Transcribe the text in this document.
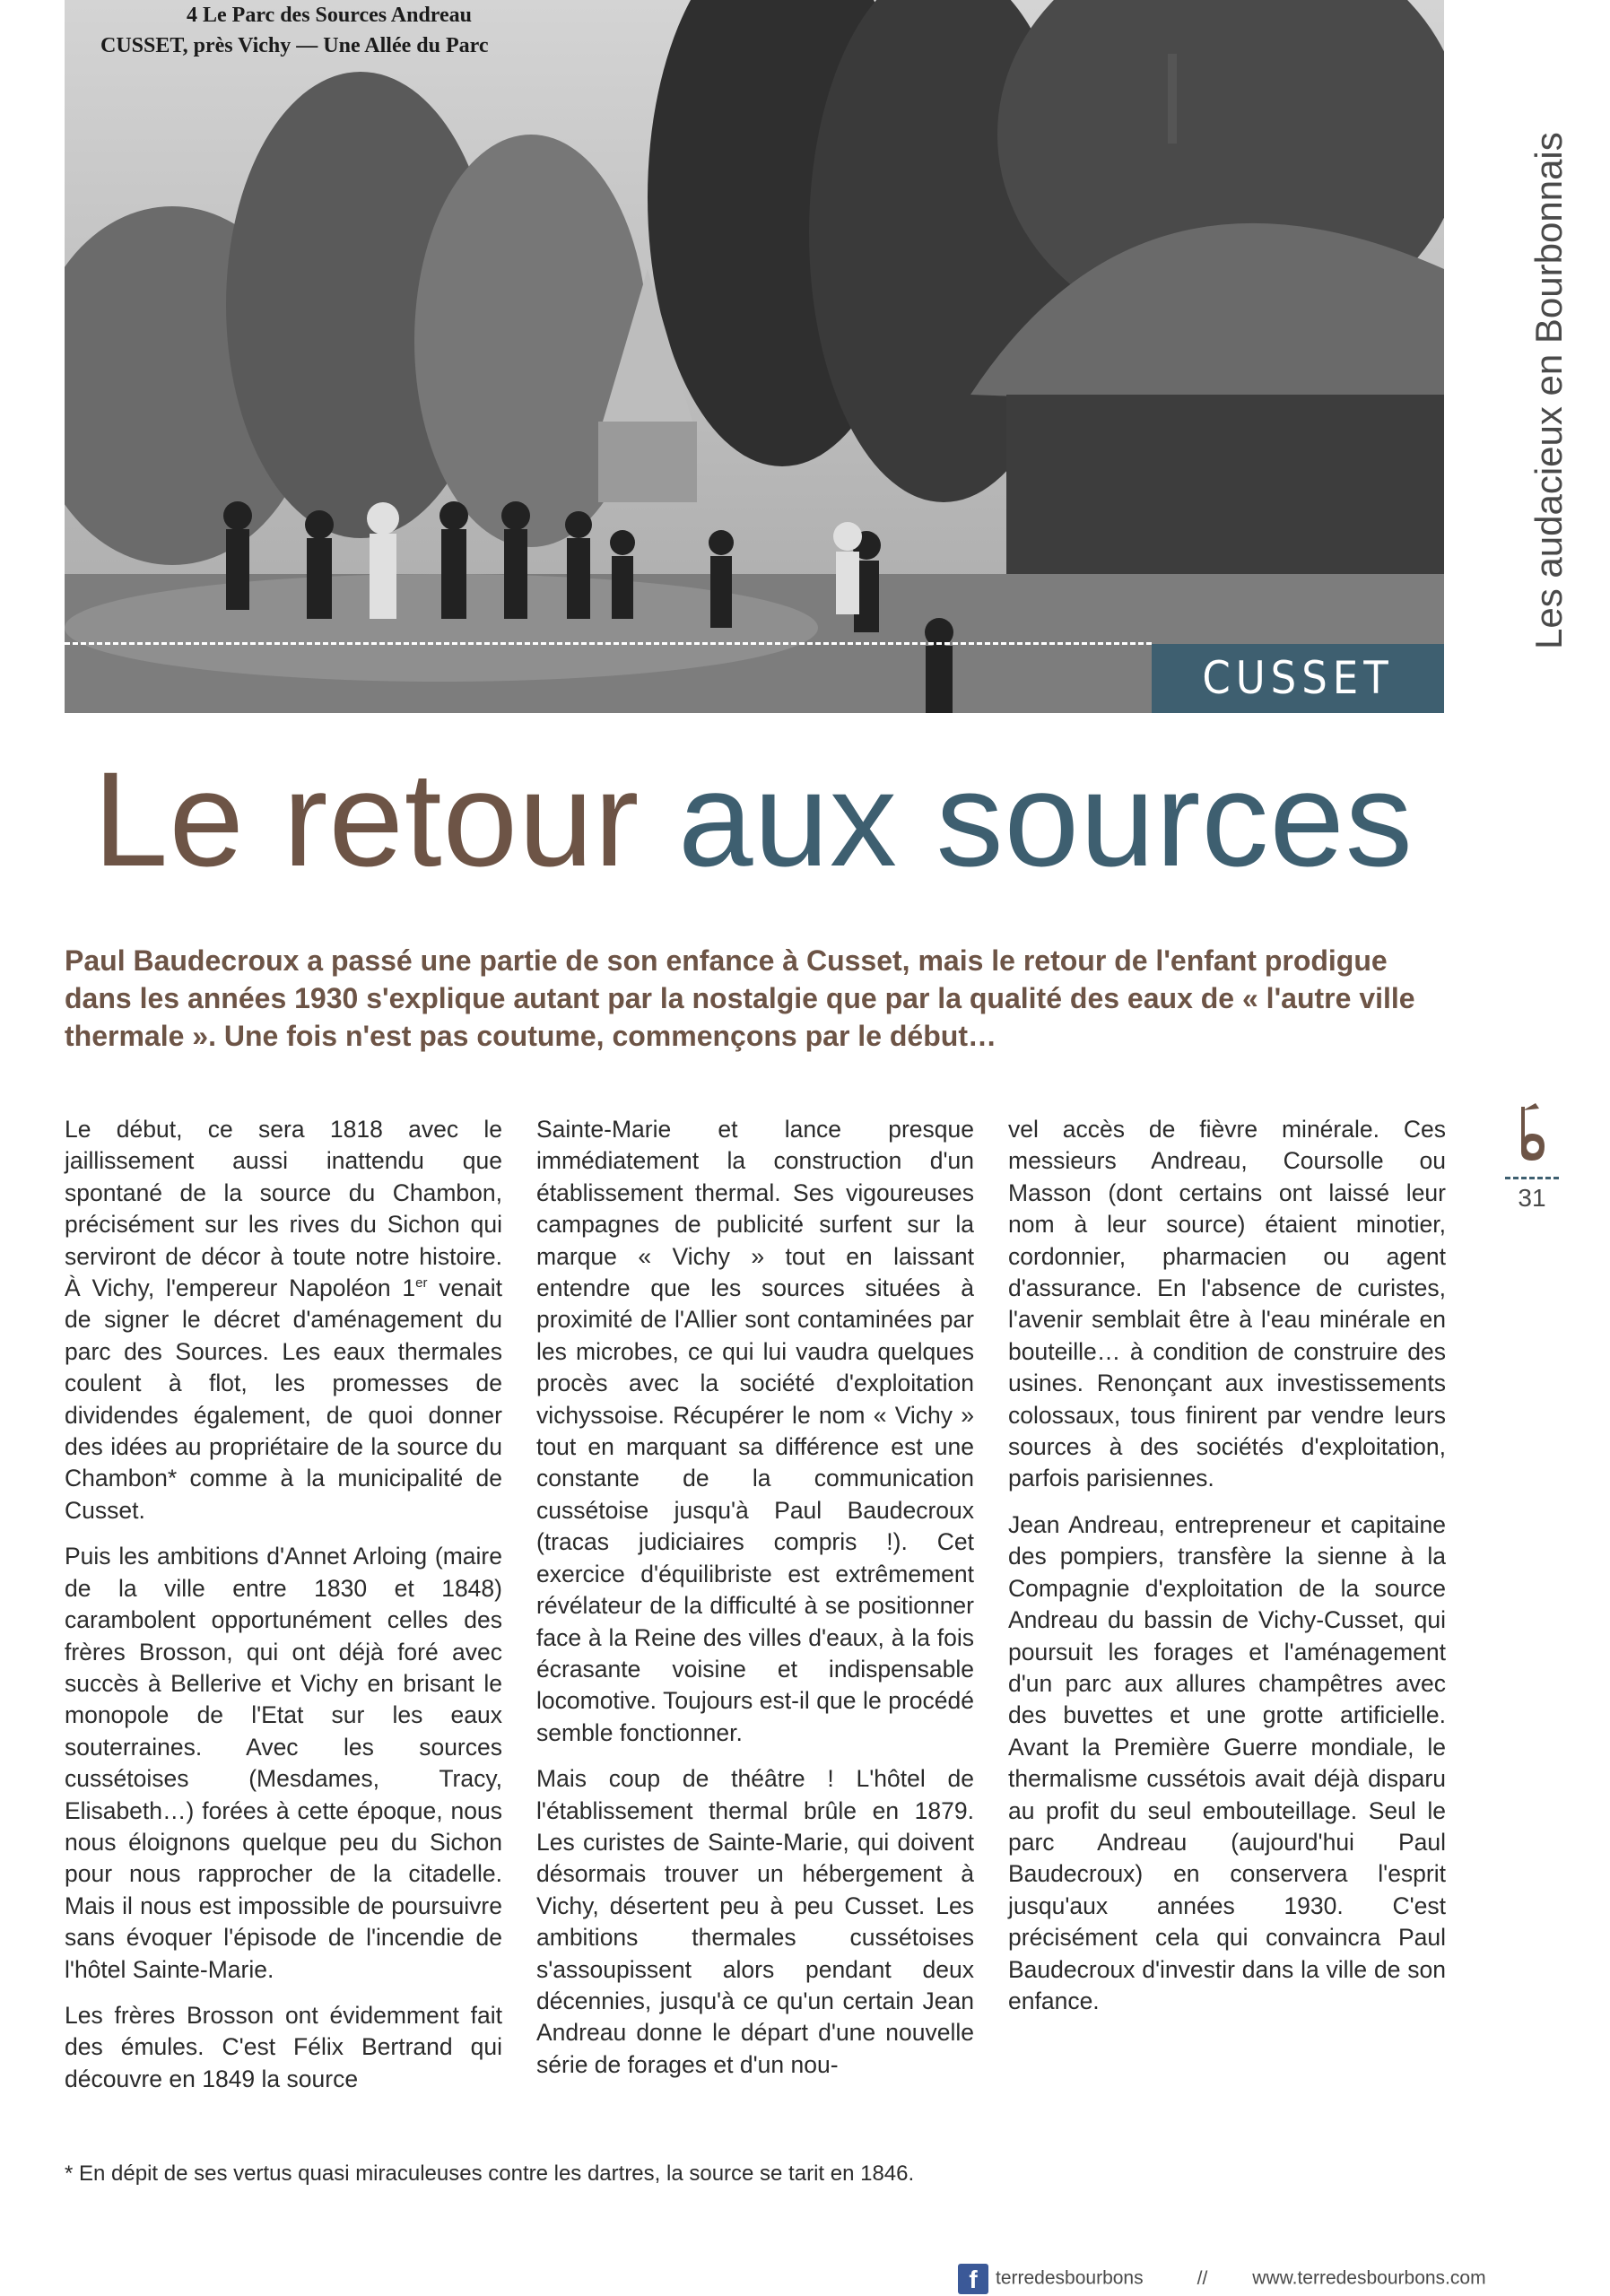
4 Le Parc des Sources Andreau
CUSSET, près Vichy — Une Allée du Parc
CUSSET
Les audacieux en Bourbonnais
31
Le retour aux sources
Paul Baudecroux a passé une partie de son enfance à Cusset, mais le retour de l'enfant prodigue dans les années 1930 s'explique autant par la nostalgie que par la qualité des eaux de « l'autre ville thermale ». Une fois n'est pas coutume, commençons par le début…

Le début, ce sera 1818 avec le jaillissement aussi inattendu que spontané de la source du Chambon, précisément sur les rives du Sichon qui serviront de décor à toute notre histoire. À Vichy, l'empereur Napoléon 1er venait de signer le décret d'aménagement du parc des Sources. Les eaux thermales coulent à flot, les promesses de dividendes également, de quoi donner des idées au propriétaire de la source du Chambon* comme à la municipalité de Cusset.

Puis les ambitions d'Annet Arloing (maire de la ville entre 1830 et 1848) carambolent opportunément celles des frères Brosson, qui ont déjà foré avec succès à Bellerive et Vichy en brisant le monopole de l'Etat sur les eaux souterraines. Avec les sources cussétoises (Mesdames, Tracy, Elisabeth…) forées à cette époque, nous nous éloignons quelque peu du Sichon pour nous rapprocher de la citadelle. Mais il nous est impossible de poursuivre sans évoquer l'épisode de l'incendie de l'hôtel Sainte-Marie.

Les frères Brosson ont évidemment fait des émules. C'est Félix Bertrand qui découvre en 1849 la source

Sainte-Marie et lance presque immédiatement la construction d'un établissement thermal. Ses vigoureuses campagnes de publicité surfent sur la marque « Vichy » tout en laissant entendre que les sources situées à proximité de l'Allier sont contaminées par les microbes, ce qui lui vaudra quelques procès avec la société d'exploitation vichyssoise. Récupérer le nom « Vichy » tout en marquant sa différence est une constante de la communication cussétoise jusqu'à Paul Baudecroux (tracas judiciaires compris !). Cet exercice d'équilibriste est extrêmement révélateur de la difficulté à se positionner face à la Reine des villes d'eaux, à la fois écrasante voisine et indispensable locomotive. Toujours est-il que le procédé semble fonctionner.

Mais coup de théâtre ! L'hôtel de l'établissement thermal brûle en 1879. Les curistes de Sainte-Marie, qui doivent désormais trouver un hébergement à Vichy, désertent peu à peu Cusset. Les ambitions thermales cussétoises s'assoupissent alors pendant deux décennies, jusqu'à ce qu'un certain Jean Andreau donne le départ d'une nouvelle série de forages et d'un nou-

vel accès de fièvre minérale. Ces messieurs Andreau, Coursolle ou Masson (dont certains ont laissé leur nom à leur source) étaient minotier, cordonnier, pharmacien ou agent d'assurance. En l'absence de curistes, l'avenir semblait être à l'eau minérale en bouteille… à condition de construire des usines. Renonçant aux investissements colossaux, tous finirent par vendre leurs sources à des sociétés d'exploitation, parfois parisiennes.

Jean Andreau, entrepreneur et capitaine des pompiers, transfère la sienne à la Compagnie d'exploitation de la source Andreau du bassin de Vichy-Cusset, qui poursuit les forages et l'aménagement d'un parc aux allures champêtres avec des buvettes et une grotte artificielle. Avant la Première Guerre mondiale, le thermalisme cussétois avait déjà disparu au profit du seul embouteillage. Seul le parc Andreau (aujourd'hui Paul Baudecroux) en conservera l'esprit jusqu'aux années 1930. C'est précisément cela qui convaincra Paul Baudecroux d'investir dans la ville de son enfance.

* En dépit de ses vertus quasi miraculeuses contre les dartres, la source se tarit en 1846.
f terredesbourbons	// www.terredesbourbons.com
